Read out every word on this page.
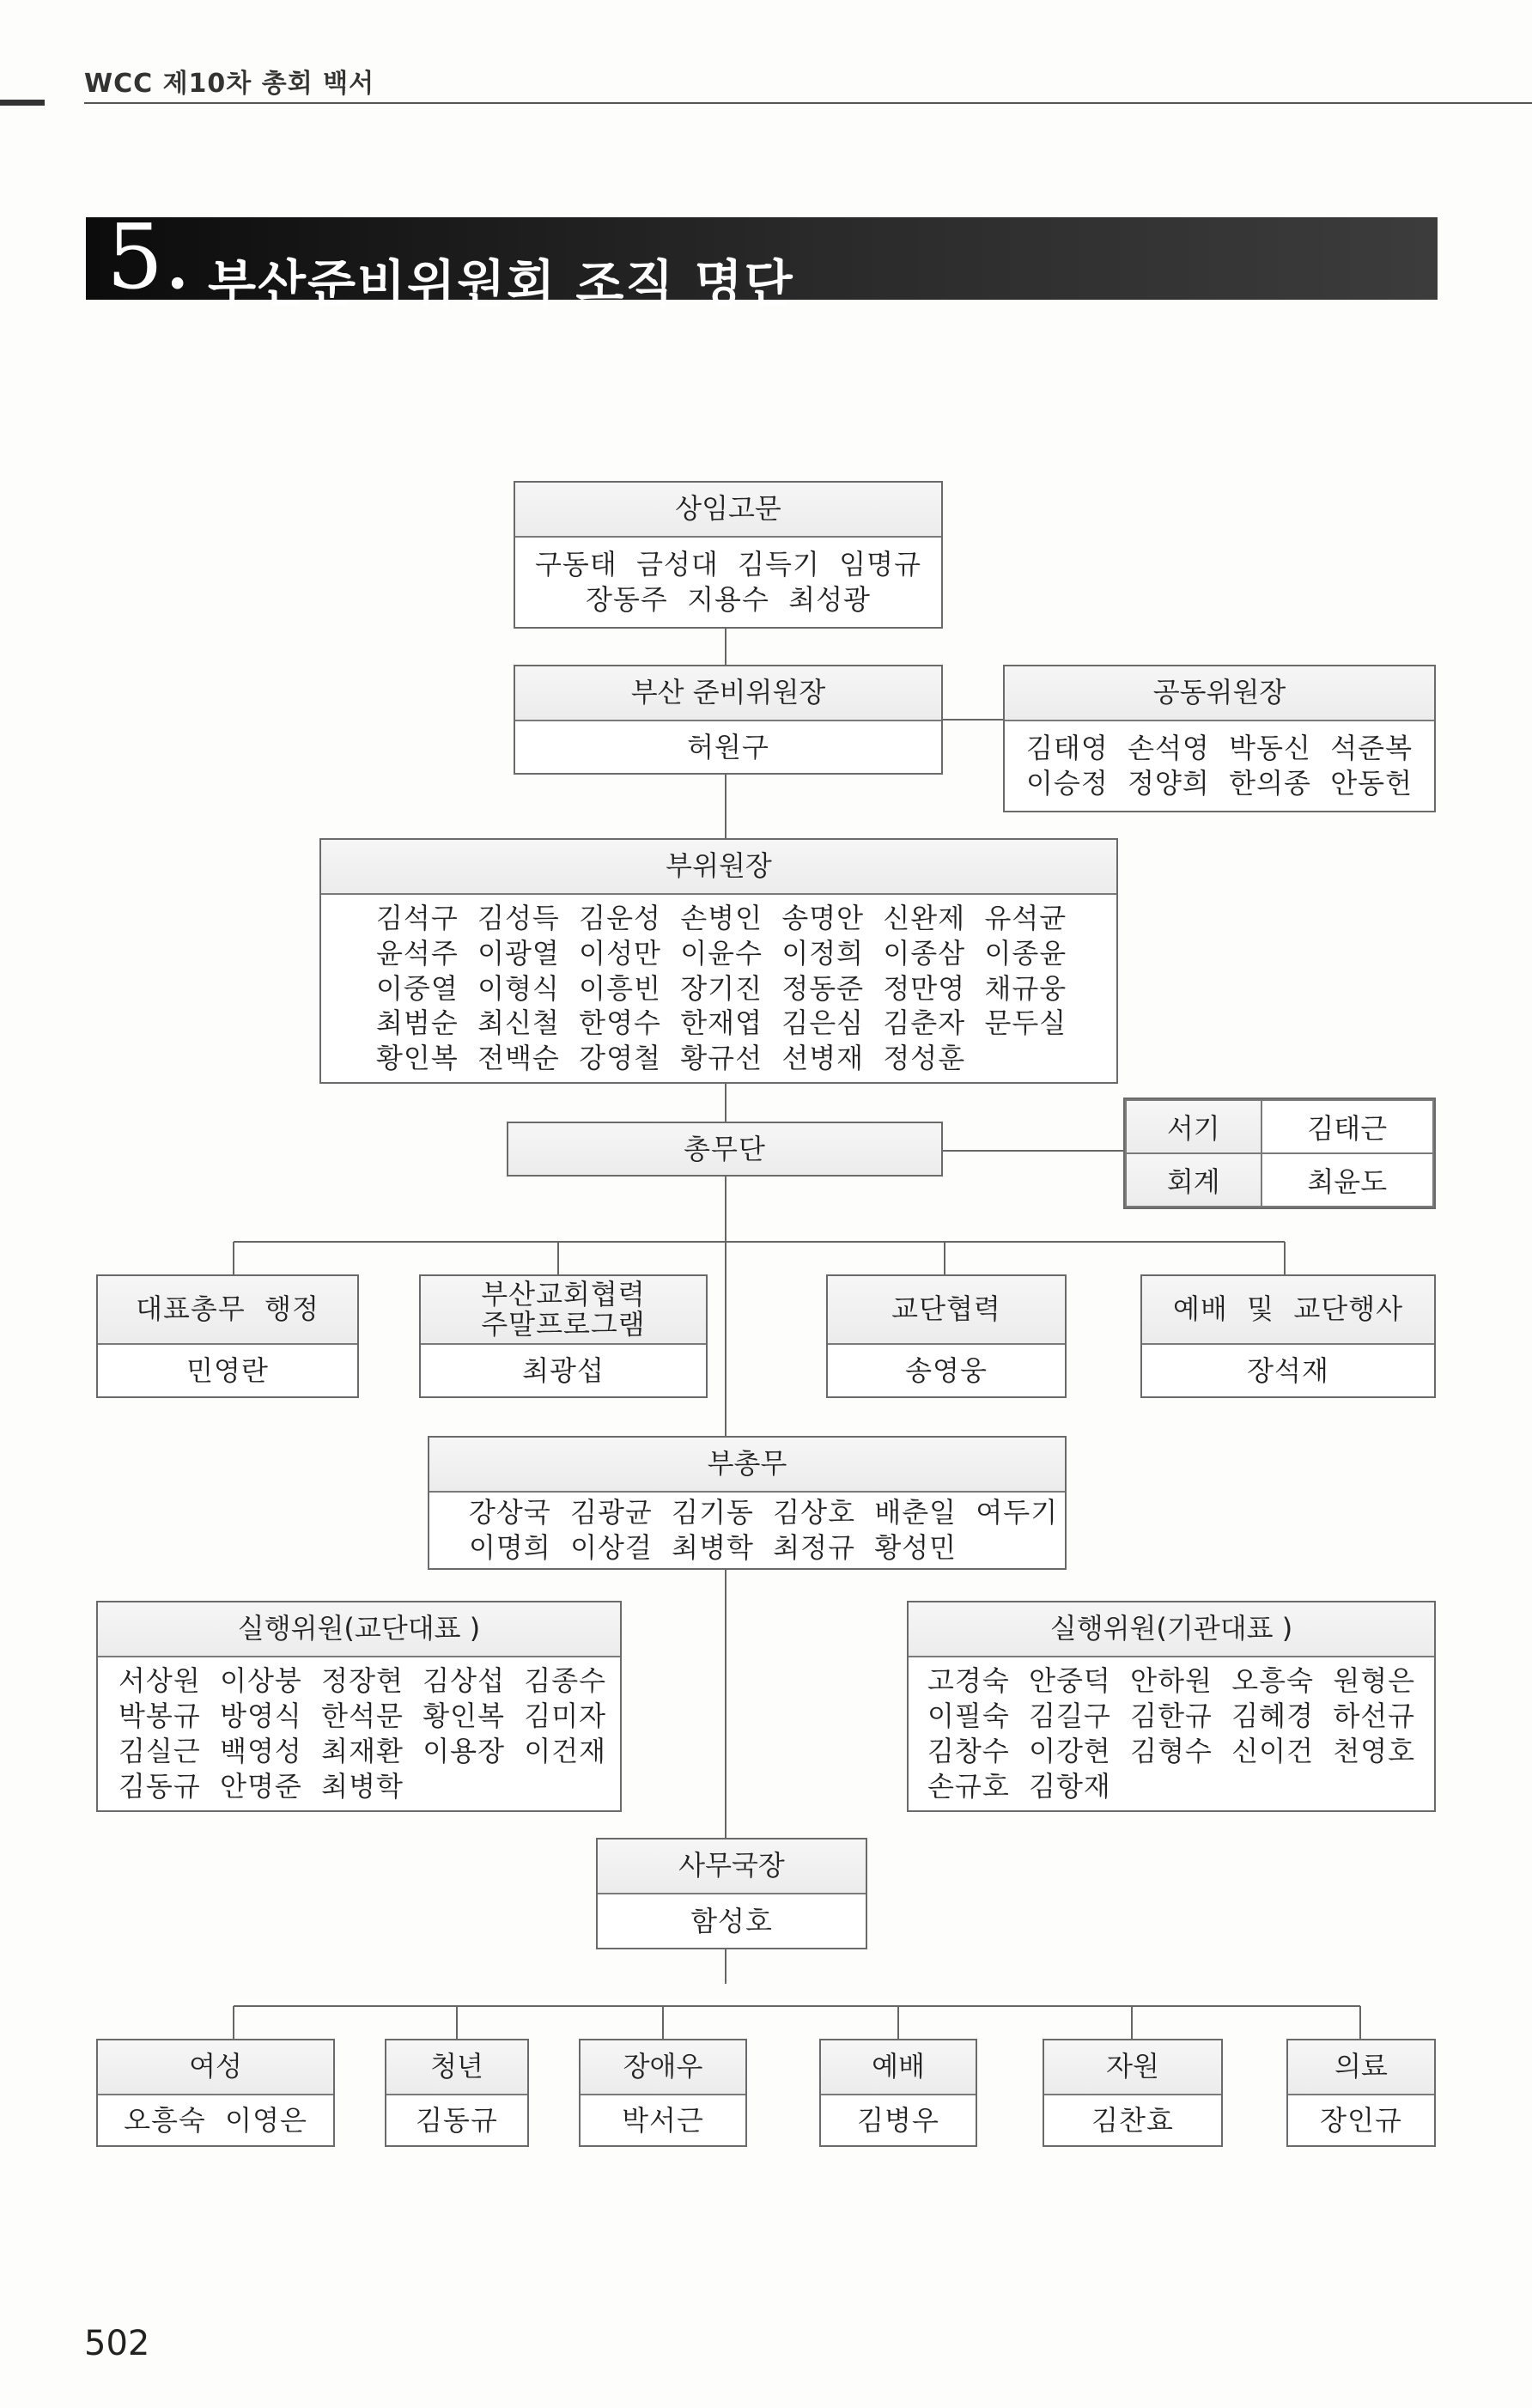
WCC 제10차 총회 백서
5. 부산준비위원회 조직 명단
상임고문
구동태  금성대  김득기  임명규
장동주  지용수  최성광
부산 준비위원장
허원구
공동위원장
김태영  손석영  박동신  석준복
이승정  정양희  한의종  안동헌
부위원장
김석구  김성득  김운성  손병인  송명안  신완제  유석균
윤석주  이광열  이성만  이윤수  이정희  이종삼  이종윤
이중열  이형식  이흥빈  장기진  정동준  정만영  채규웅
최범순  최신철  한영수  한재엽  김은심  김춘자  문두실
황인복  전백순  강영철  황규선  선병재  정성훈
총무단
서기	김태근
회계	최윤도
대표총무  행정
민영란
부산교회협력
주말프로그램
최광섭
교단협력
송영웅
예배  및  교단행사
장석재
부총무
강상국  김광균  김기동  김상호  배춘일  여두기
이명희  이상걸  최병학  최정규  황성민
실행위원(교단대표 )
서상원  이상붕  정장현  김상섭  김종수
박봉규  방영식  한석문  황인복  김미자
김실근  백영성  최재환  이용장  이건재
김동규  안명준  최병학
실행위원(기관대표 )
고경숙  안중덕  안하원  오흥숙  원형은
이필숙  김길구  김한규  김혜경  하선규
김창수  이강현  김형수  신이건  천영호
손규호  김항재
사무국장
함성호
여성
오흥숙  이영은
청년
김동규
장애우
박서근
예배
김병우
자원
김찬효
의료
장인규
502
